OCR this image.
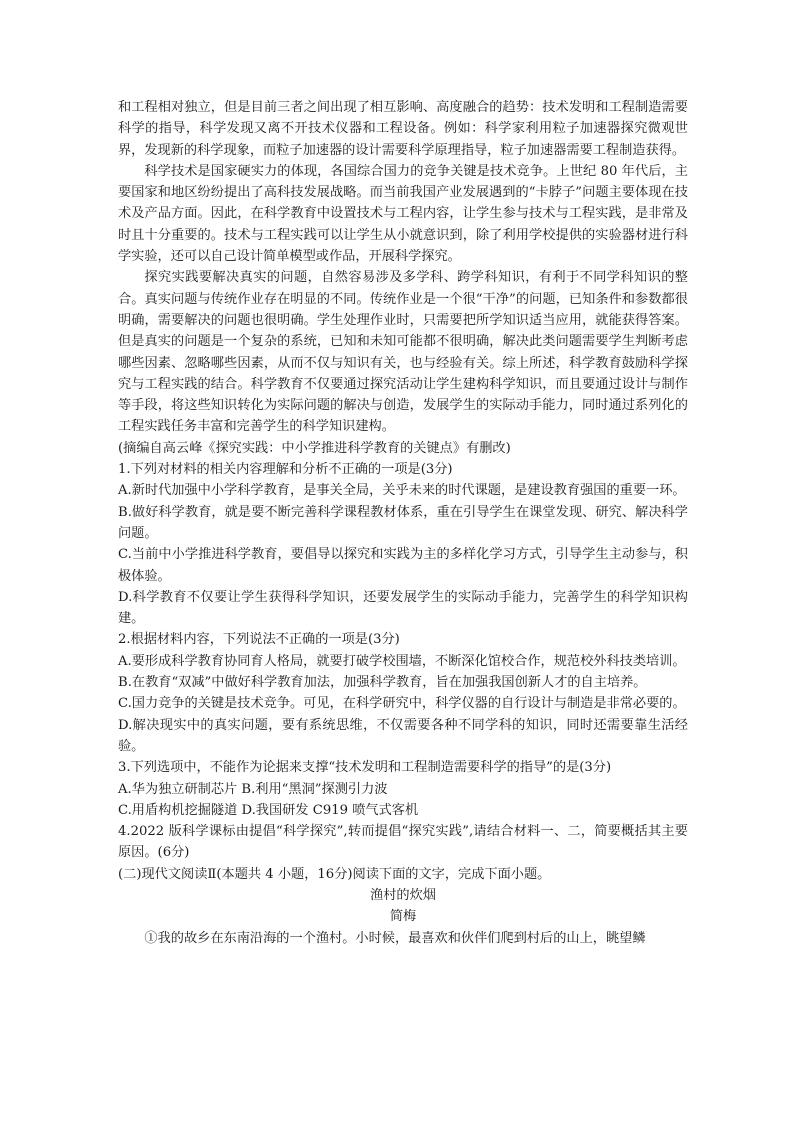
和工程相对独立，但是目前三者之间出现了相互影响、高度融合的趋势：技术发明和工程制造需要科学的指导，科学发现又离不开技术仪器和工程设备。例如：科学家利用粒子加速器探究微观世界，发现新的科学现象，而粒子加速器的设计需要科学原理指导，粒子加速器需要工程制造获得。

科学技术是国家硬实力的体现，各国综合国力的竞争关键是技术竞争。上世纪 80 年代后，主要国家和地区纷纷提出了高科技发展战略。而当前我国产业发展遇到的“卡脖子”问题主要体现在技术及产品方面。因此，在科学教育中设置技术与工程内容，让学生参与技术与工程实践，是非常及时且十分重要的。技术与工程实践可以让学生从小就意识到，除了利用学校提供的实验器材进行科学实验，还可以自己设计简单模型或作品，开展科学探究。

探究实践要解决真实的问题，自然容易涉及多学科、跨学科知识，有利于不同学科知识的整合。真实问题与传统作业存在明显的不同。传统作业是一个很“干净”的问题，已知条件和参数都很明确，需要解决的问题也很明确。学生处理作业时，只需要把所学知识适当应用，就能获得答案。但是真实的问题是一个复杂的系统，已知和未知可能都不很明确，解决此类问题需要学生判断考虑哪些因素、忽略哪些因素，从而不仅与知识有关，也与经验有关。综上所述，科学教育鼓励科学探究与工程实践的结合。科学教育不仅要通过探究活动让学生建构科学知识，而且要通过设计与制作等手段，将这些知识转化为实际问题的解决与创造，发展学生的实际动手能力，同时通过系列化的工程实践任务丰富和完善学生的科学知识建构。

(摘编自高云峰《探究实践：中小学推进科学教育的关键点》有删改)

1.下列对材料的相关内容理解和分析不正确的一项是(3分)

A.新时代加强中小学科学教育，是事关全局，关乎未来的时代课题，是建设教育强国的重要一环。

B.做好科学教育，就是要不断完善科学课程教材体系，重在引导学生在课堂发现、研究、解决科学问题。

C.当前中小学推进科学教育，要倡导以探究和实践为主的多样化学习方式，引导学生主动参与，积极体验。

D.科学教育不仅要让学生获得科学知识，还要发展学生的实际动手能力，完善学生的科学知识构建。

2.根据材料内容，下列说法不正确的一项是(3分)

A.要形成科学教育协同育人格局，就要打破学校围墙，不断深化馆校合作，规范校外科技类培训。

B.在教育“双减”中做好科学教育加法，加强科学教育，旨在加强我国创新人才的自主培养。

C.国力竞争的关键是技术竞争。可见，在科学研究中，科学仪器的自行设计与制造是非常必要的。

D.解决现实中的真实问题，要有系统思维，不仅需要各种不同学科的知识，同时还需要靠生活经验。

3.下列选项中，不能作为论据来支撑“技术发明和工程制造需要科学的指导”的是(3分)

A.华为独立研制芯片 B.利用“黑洞”探测引力波

C.用盾构机挖掘隧道 D.我国研发 C919 喷气式客机

4.2022 版科学课标由提倡“科学探究”,转而提倡“探究实践”,请结合材料一、二，简要概括其主要原因。(6分)

(二)现代文阅读Ⅱ(本题共 4 小题，16分)阅读下面的文字，完成下面小题。

渔村的炊烟

简梅

①我的故乡在东南沿海的一个渔村。小时候，最喜欢和伙伴们爬到村后的山上，眺望鳞
